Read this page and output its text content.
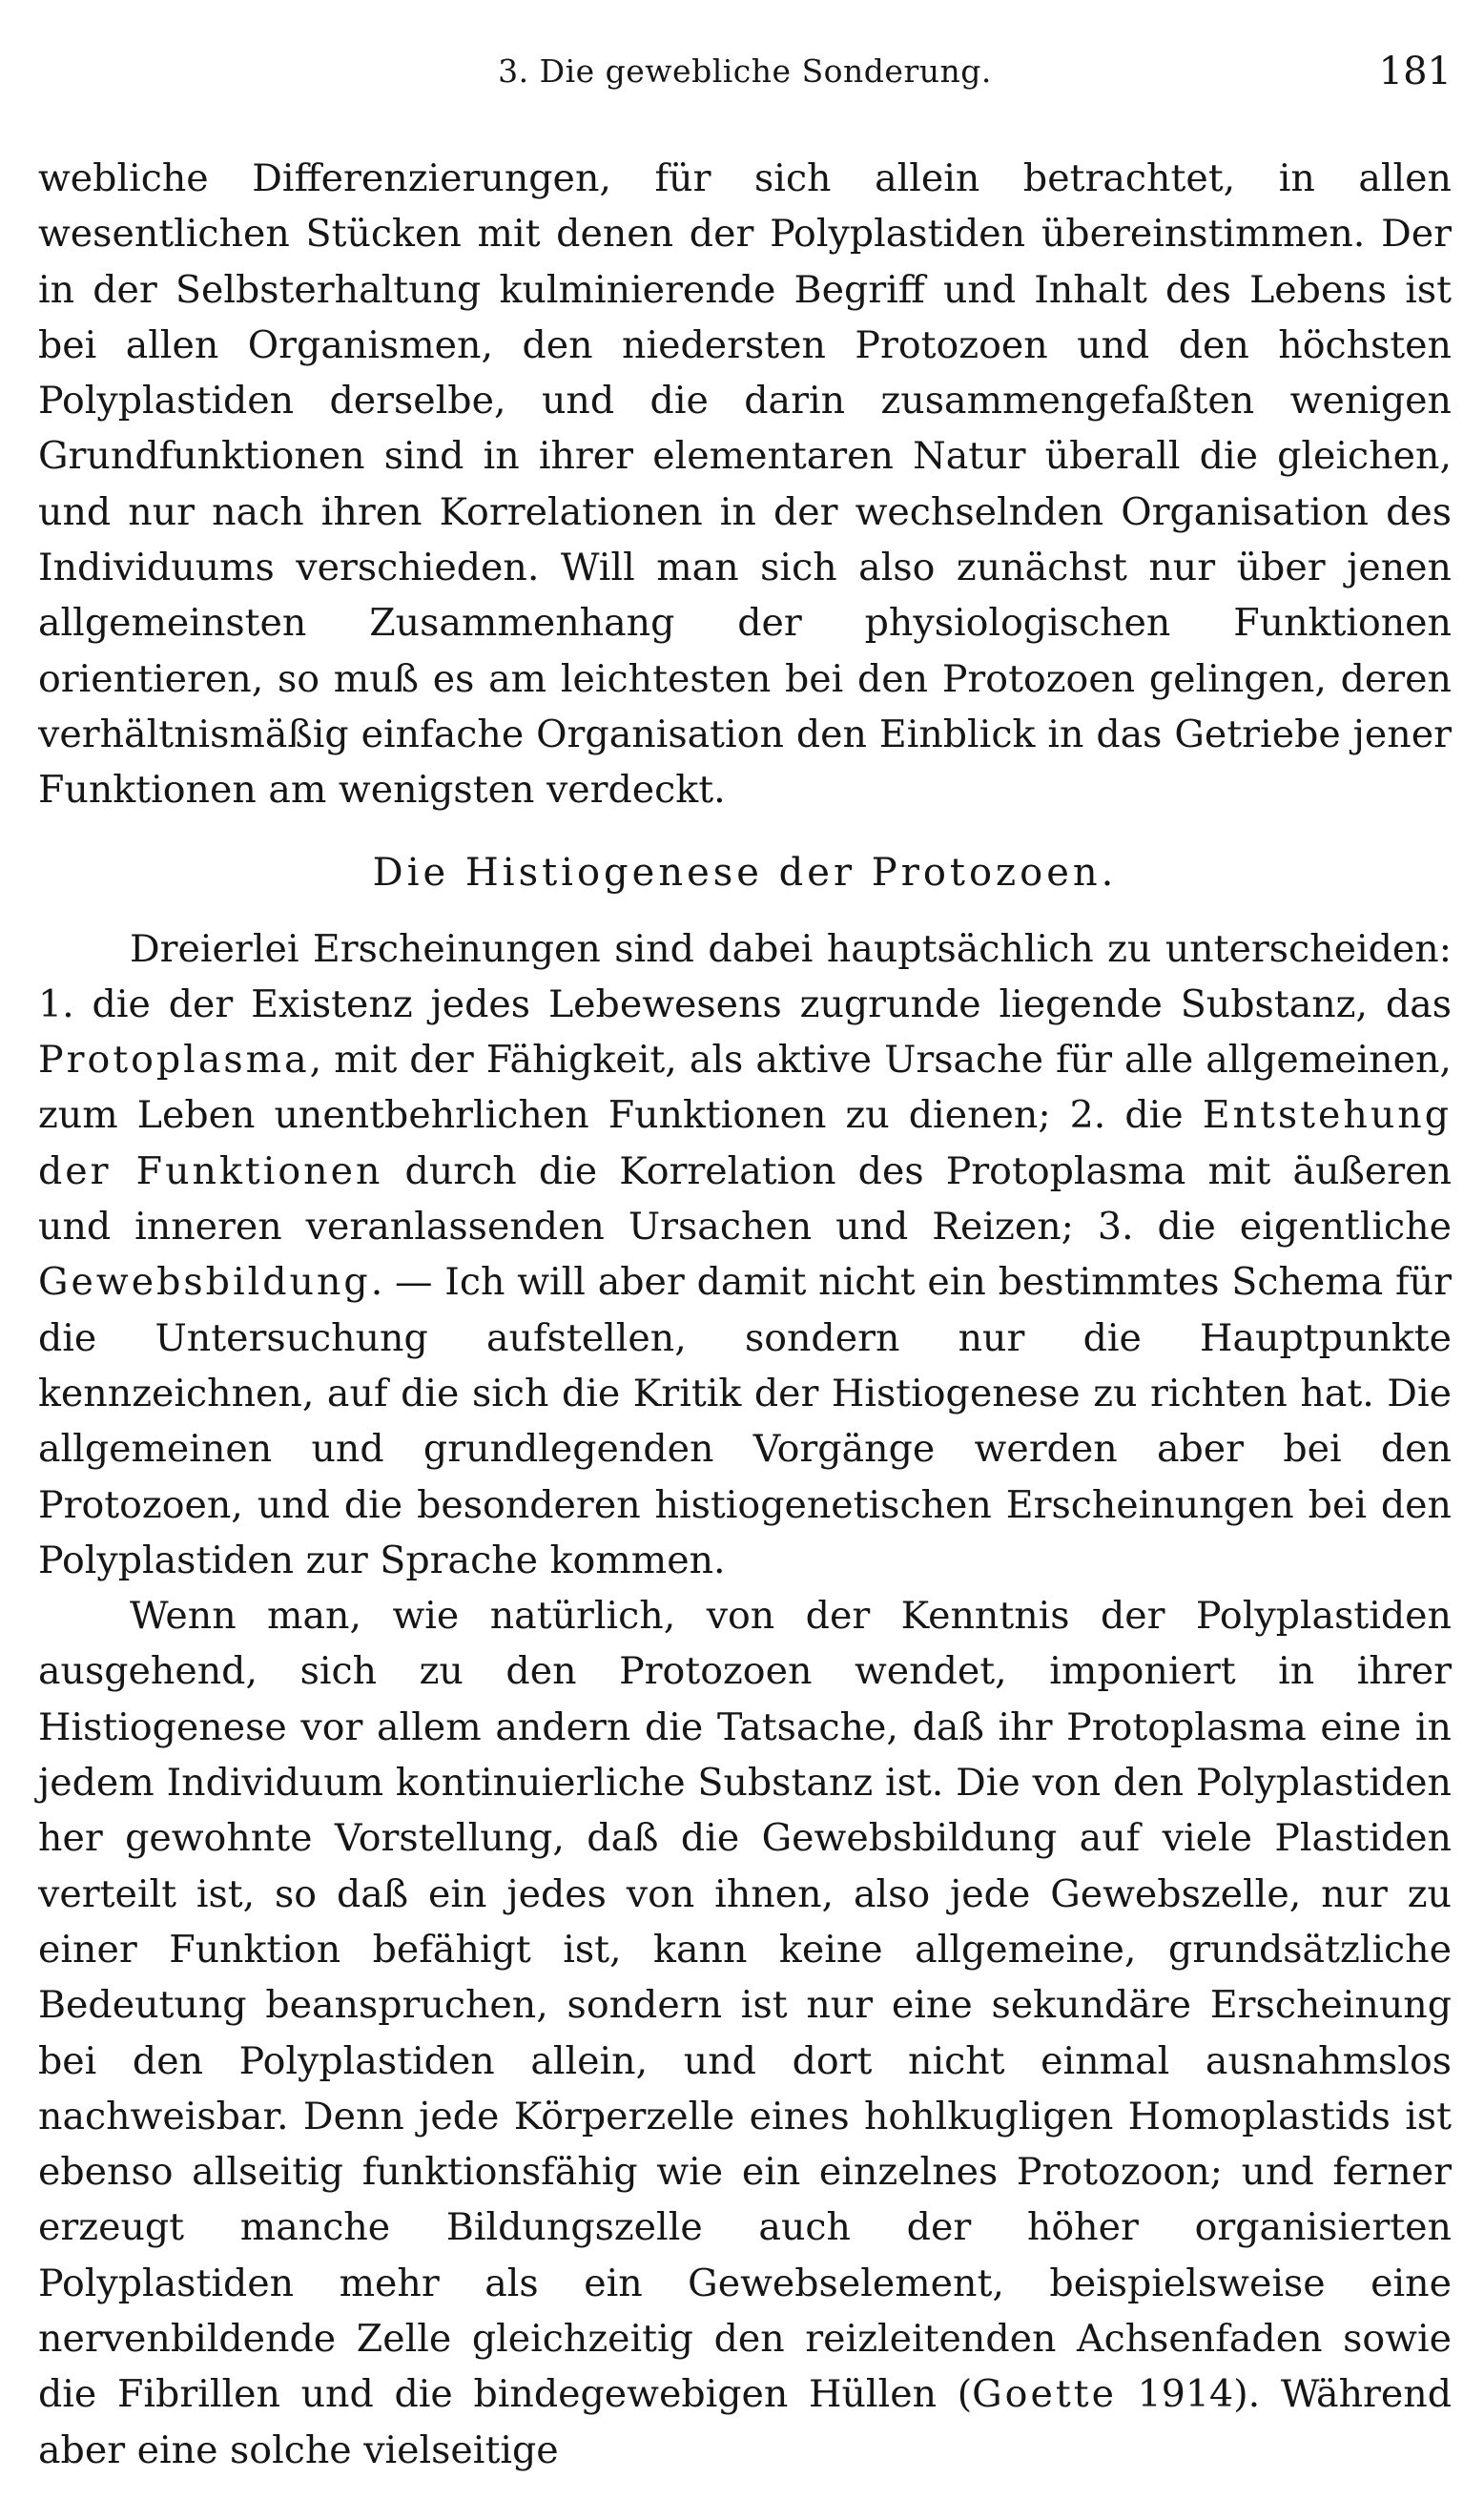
3. Die gewebliche Sonderung.	181

webliche Differenzierungen, für sich allein betrachtet, in allen wesentlichen Stücken mit denen der Polyplastiden übereinstimmen. Der in der Selbsterhaltung kulminierende Begriff und Inhalt des Lebens ist bei allen Organismen, den niedersten Protozoen und den höchsten Polyplastiden derselbe, und die darin zusammengefaßten wenigen Grundfunktionen sind in ihrer elementaren Natur überall die gleichen, und nur nach ihren Korrelationen in der wechselnden Organisation des Individuums verschieden. Will man sich also zunächst nur über jenen allgemeinsten Zusammenhang der physiologischen Funktionen orientieren, so muß es am leichtesten bei den Protozoen gelingen, deren verhältnismäßig einfache Organisation den Einblick in das Getriebe jener Funktionen am wenigsten verdeckt.

Die Histiogenese der Protozoen.

Dreierlei Erscheinungen sind dabei hauptsächlich zu unterscheiden: 1. die der Existenz jedes Lebewesens zugrunde liegende Substanz, das Protoplasma, mit der Fähigkeit, als aktive Ursache für alle allgemeinen, zum Leben unentbehrlichen Funktionen zu dienen; 2. die Entstehung der Funktionen durch die Korrelation des Protoplasma mit äußeren und inneren veranlassenden Ursachen und Reizen; 3. die eigentliche Gewebsbildung. — Ich will aber damit nicht ein bestimmtes Schema für die Untersuchung aufstellen, sondern nur die Hauptpunkte kennzeichnen, auf die sich die Kritik der Histiogenese zu richten hat. Die allgemeinen und grundlegenden Vorgänge werden aber bei den Protozoen, und die besonderen histiogenetischen Erscheinungen bei den Polyplastiden zur Sprache kommen.

Wenn man, wie natürlich, von der Kenntnis der Polyplastiden ausgehend, sich zu den Protozoen wendet, imponiert in ihrer Histiogenese vor allem andern die Tatsache, daß ihr Protoplasma eine in jedem Individuum kontinuierliche Substanz ist. Die von den Polyplastiden her gewohnte Vorstellung, daß die Gewebsbildung auf viele Plastiden verteilt ist, so daß ein jedes von ihnen, also jede Gewebszelle, nur zu einer Funktion befähigt ist, kann keine allgemeine, grundsätzliche Bedeutung beanspruchen, sondern ist nur eine sekundäre Erscheinung bei den Polyplastiden allein, und dort nicht einmal ausnahmslos nachweisbar. Denn jede Körperzelle eines hohlkugligen Homoplastids ist ebenso allseitig funktionsfähig wie ein einzelnes Protozoon; und ferner erzeugt manche Bildungszelle auch der höher organisierten Polyplastiden mehr als ein Gewebselement, beispielsweise eine nervenbildende Zelle gleichzeitig den reizleitenden Achsenfaden sowie die Fibrillen und die bindegewebigen Hüllen (Goette 1914). Während aber eine solche vielseitige
